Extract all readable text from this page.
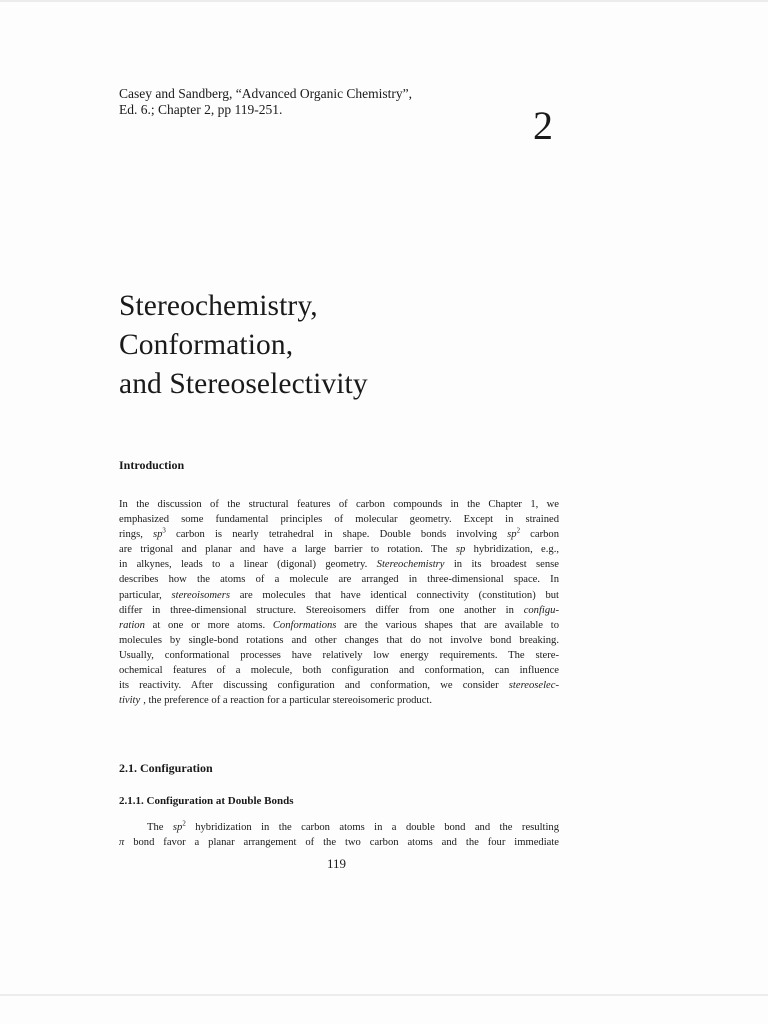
Casey and Sandberg, “Advanced Organic Chemistry”,
Ed. 6.; Chapter 2, pp 119-251.	2
Stereochemistry,
Conformation,
and Stereoselectivity
Introduction
In the discussion of the structural features of carbon compounds in the Chapter 1, we
emphasized some fundamental principles of molecular geometry. Except in strained
rings, $sp^3$ carbon is nearly tetrahedral in shape. Double bonds involving $sp^2$ carbon
are trigonal and planar and have a large barrier to rotation. The sp hybridization, e.g.,
in alkynes, leads to a linear (digonal) geometry. Stereochemistry in its broadest sense
describes how the atoms of a molecule are arranged in three-dimensional space. In
particular, stereoisomers are molecules that have identical connectivity (constitution) but
differ in three-dimensional structure. Stereoisomers differ from one another in configu-
ration at one or more atoms. Conformations are the various shapes that are available to
molecules by single-bond rotations and other changes that do not involve bond breaking.
Usually, conformational processes have relatively low energy requirements. The stere-
ochemical features of a molecule, both configuration and conformation, can influence
its reactivity. After discussing configuration and conformation, we consider stereoselec-
tivity , the preference of a reaction for a particular stereoisomeric product.
2.1. Configuration
2.1.1. Configuration at Double Bonds
The $sp^2$ hybridization in the carbon atoms in a double bond and the resulting
π bond favor a planar arrangement of the two carbon atoms and the four immediate
119
